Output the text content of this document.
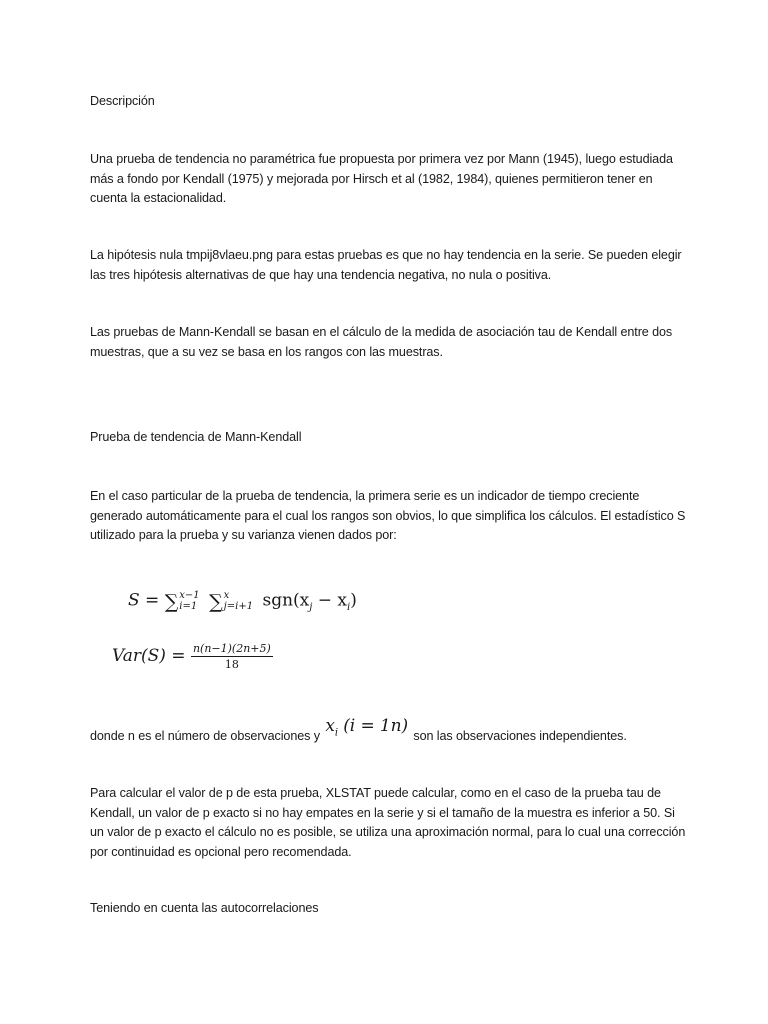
Descripción

Una prueba de tendencia no paramétrica fue propuesta por primera vez por Mann (1945), luego estudiada más a fondo por Kendall (1975) y mejorada por Hirsch et al (1982, 1984), quienes permitieron tener en cuenta la estacionalidad.

La hipótesis nula tmpij8vlaeu.png para estas pruebas es que no hay tendencia en la serie. Se pueden elegir las tres hipótesis alternativas de que hay una tendencia negativa, no nula o positiva.

Las pruebas de Mann-Kendall se basan en el cálculo de la medida de asociación tau de Kendall entre dos muestras, que a su vez se basa en los rangos con las muestras.

Prueba de tendencia de Mann-Kendall

En el caso particular de la prueba de tendencia, la primera serie es un indicador de tiempo creciente generado automáticamente para el cual los rangos son obvios, lo que simplifica los cálculos. El estadístico S utilizado para la prueba y su varianza vienen dados por:

S = ∑ x−1
i=1 ∑ x
j=i+1 $sgn(x_j - x_i)$
$Var(S) = \frac{n(n-1)(2n+5)}{18}$
donde n es el número de observaciones y $x_i$ (i = 1n) son las observaciones independientes.

Para calcular el valor de p de esta prueba, XLSTAT puede calcular, como en el caso de la prueba tau de Kendall, un valor de p exacto si no hay empates en la serie y si el tamaño de la muestra es inferior a 50. Si un valor de p exacto el cálculo no es posible, se utiliza una aproximación normal, para lo cual una corrección por continuidad es opcional pero recomendada.

Teniendo en cuenta las autocorrelaciones
